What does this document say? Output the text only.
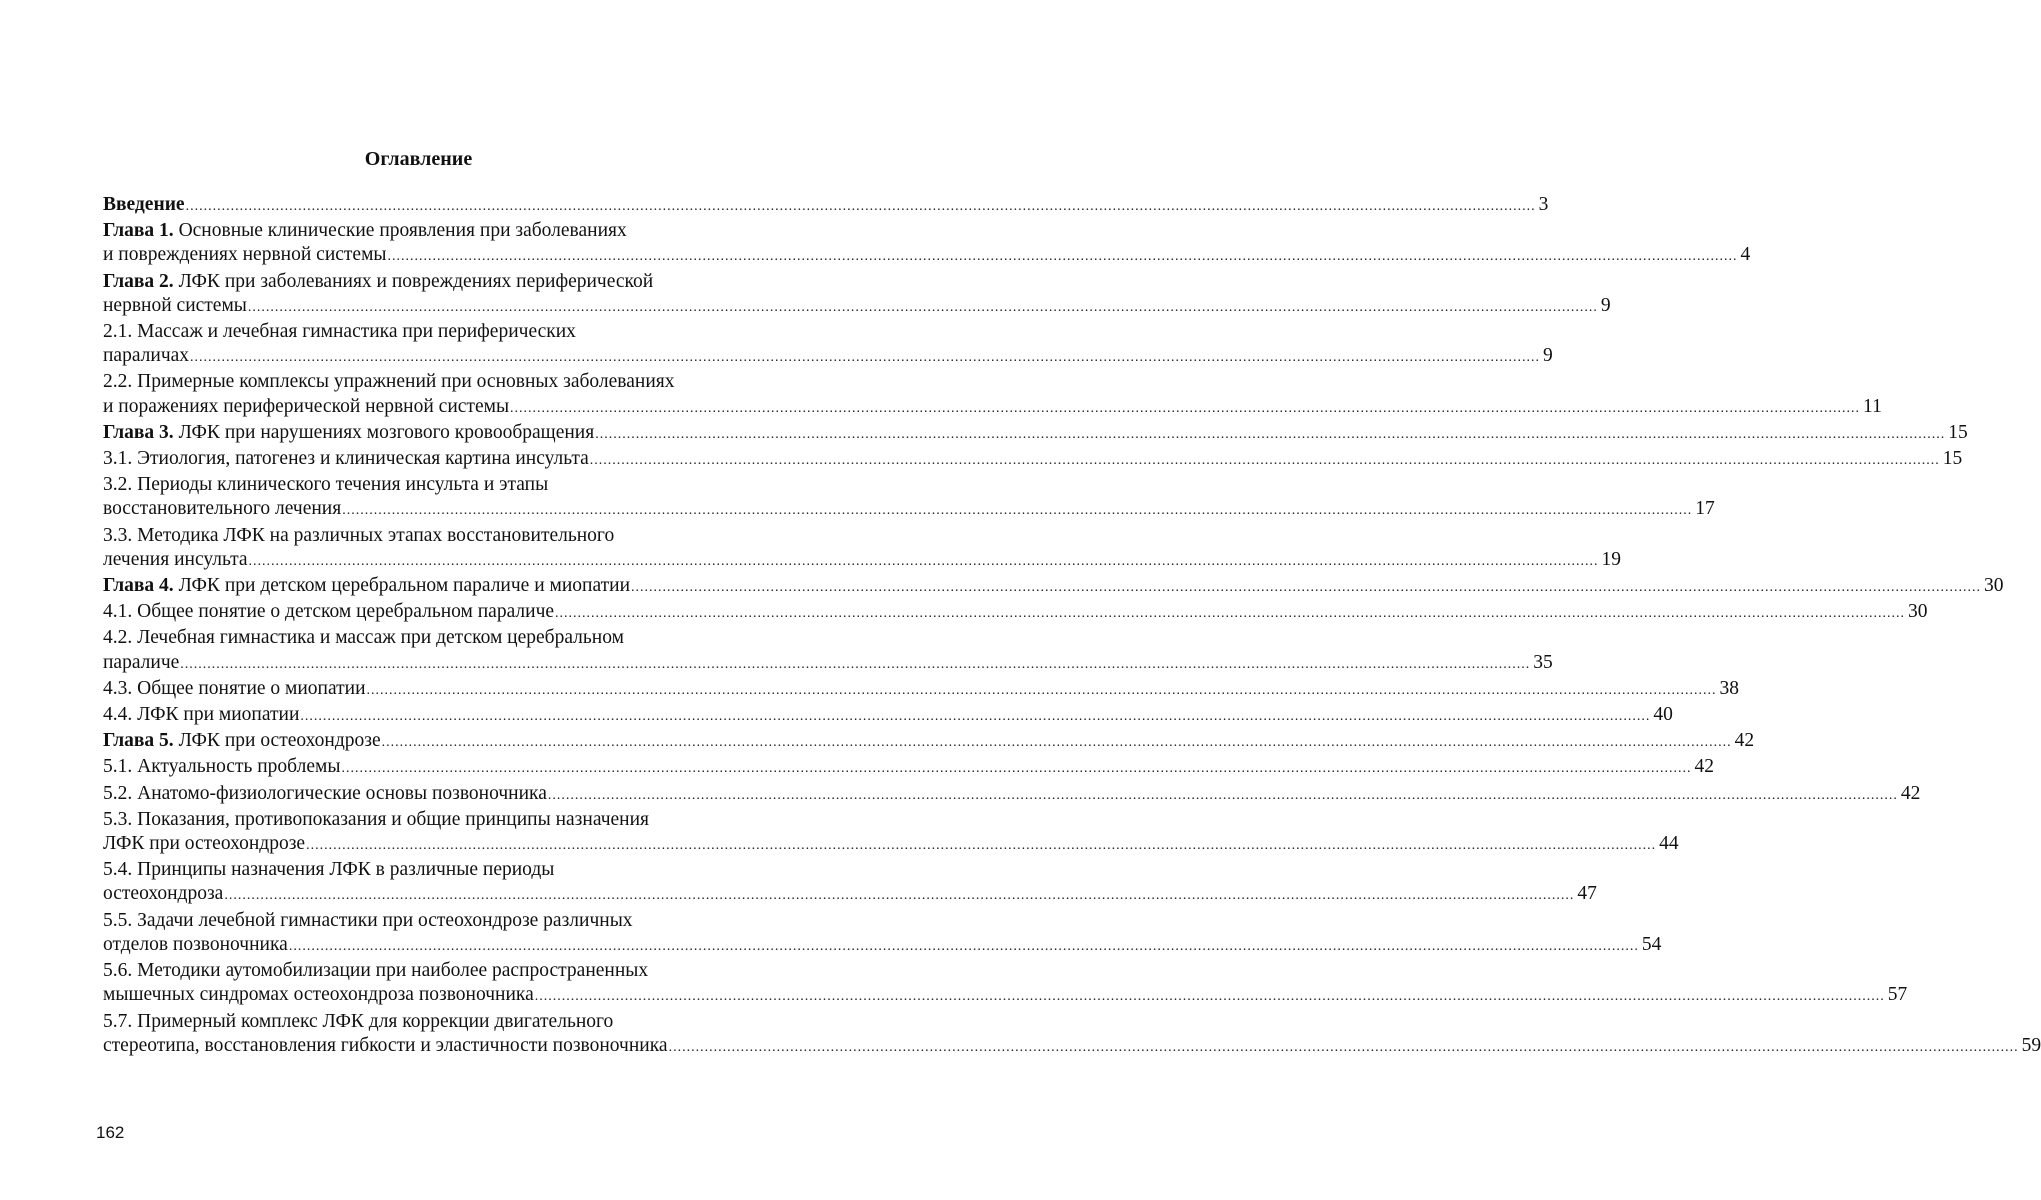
Оглавление
Введение ............................................................................................................................................................................................................................................................................................................ 3
Глава 1. Основные клинические проявления при заболеваниях
и повреждениях нервной системы ............................................................................................................................................................................................................................................................................................................ 4
Глава 2. ЛФК при заболеваниях и повреждениях периферической
нервной системы ............................................................................................................................................................................................................................................................................................................ 9
2.1. Массаж и лечебная гимнастика при периферических
параличах ............................................................................................................................................................................................................................................................................................................ 9
2.2. Примерные комплексы упражнений при основных заболеваниях
и поражениях периферической нервной системы ............................................................................................................................................................................................................................................................................................................ 11
Глава 3. ЛФК при нарушениях мозгового кровообращения ............................................................................................................................................................................................................................................................................................................ 15
3.1. Этиология, патогенез и клиническая картина инсульта ............................................................................................................................................................................................................................................................................................................ 15
3.2. Периоды клинического течения инсульта и этапы
восстановительного лечения ............................................................................................................................................................................................................................................................................................................ 17
3.3. Методика ЛФК на различных этапах восстановительного
лечения инсульта ............................................................................................................................................................................................................................................................................................................ 19
Глава 4. ЛФК при детском церебральном параличе и миопатии ............................................................................................................................................................................................................................................................................................................ 30
4.1. Общее понятие о детском церебральном параличе ............................................................................................................................................................................................................................................................................................................ 30
4.2. Лечебная гимнастика и массаж при детском церебральном
параличе ............................................................................................................................................................................................................................................................................................................ 35
4.3. Общее понятие о миопатии ............................................................................................................................................................................................................................................................................................................ 38
4.4. ЛФК при миопатии ............................................................................................................................................................................................................................................................................................................ 40
Глава 5. ЛФК при остеохондрозе ............................................................................................................................................................................................................................................................................................................ 42
5.1. Актуальность проблемы ............................................................................................................................................................................................................................................................................................................ 42
5.2. Анатомо-физиологические основы позвоночника ............................................................................................................................................................................................................................................................................................................ 42
5.3. Показания, противопоказания и общие принципы назначения
ЛФК при остеохондрозе ............................................................................................................................................................................................................................................................................................................ 44
5.4. Принципы назначения ЛФК в различные периоды
остеохондроза ............................................................................................................................................................................................................................................................................................................ 47
5.5. Задачи лечебной гимнастики при остеохондрозе различных
отделов позвоночника ............................................................................................................................................................................................................................................................................................................ 54
5.6. Методики аутомобилизации при наиболее распространенных
мышечных синдромах остеохондроза позвоночника ............................................................................................................................................................................................................................................................................................................ 57
5.7. Примерный комплекс ЛФК для коррекции двигательного
стереотипа, восстановления гибкости и эластичности позвоночника ............................................................................................................................................................................................................................................................................................................ 59
162
